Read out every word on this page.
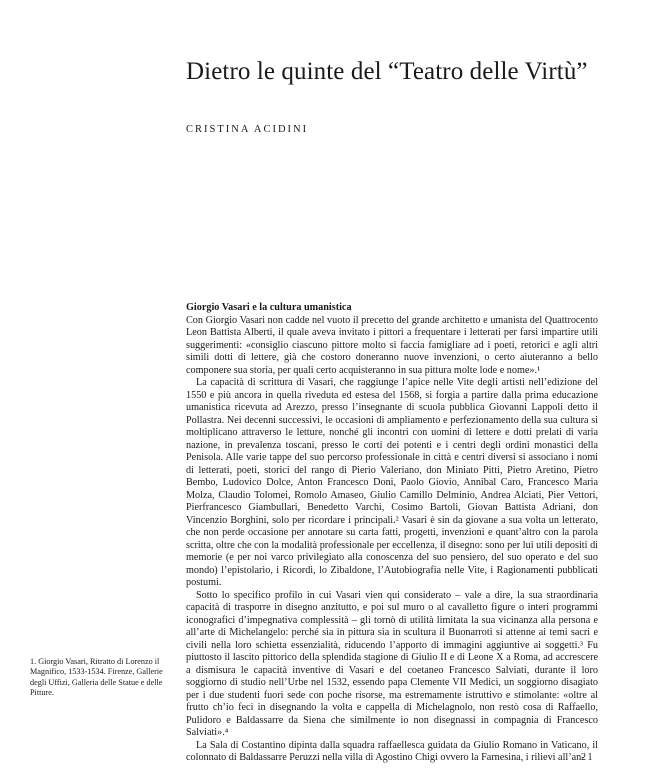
Dietro le quinte del “Teatro delle Virtù”
CRISTINA ACIDINI
Giorgio Vasari e la cultura umanistica

Con Giorgio Vasari non cadde nel vuoto il precetto del grande architetto e umanista del Quattrocento Leon Battista Alberti, il quale aveva invitato i pittori a frequentare i letterati per farsi impartire utili suggerimenti: «consiglio ciascuno pittore molto si faccia famigliare ad i poeti, retorici e agli altri simili dotti di lettere, già che costoro doneranno nuove invenzioni, o certo aiuteranno a bello componere sua storia, per quali certo acquisteranno in sua pittura molte lode e nome».¹

La capacità di scrittura di Vasari, che raggiunge l’apice nelle Vite degli artisti nell’edizione del 1550 e più ancora in quella riveduta ed estesa del 1568, si forgia a partire dalla prima educazione umanistica ricevuta ad Arezzo, presso l’insegnante di scuola pubblica Giovanni Lappoli detto il Pollastra. Nei decenni successivi, le occasioni di ampliamento e perfezionamento della sua cultura si moltiplicano attraverso le letture, nonché gli incontri con uomini di lettere e dotti prelati di varia nazione, in prevalenza toscani, presso le corti dei potenti e i centri degli ordini monastici della Penisola. Alle varie tappe del suo percorso professionale in città e centri diversi si associano i nomi di letterati, poeti, storici del rango di Pierio Valeriano, don Miniato Pitti, Pietro Aretino, Pietro Bembo, Ludovico Dolce, Anton Francesco Doni, Paolo Giovio, Annibal Caro, Francesco Maria Molza, Claudio Tolomei, Romolo Amaseo, Giulio Camillo Delminio, Andrea Alciati, Pier Vettori, Pierfrancesco Giambullari, Benedetto Varchi, Cosimo Bartoli, Giovan Battista Adriani, don Vincenzio Borghini, solo per ricordare i principali.² Vasari è sin da giovane a sua volta un letterato, che non perde occasione per annotare su carta fatti, progetti, invenzioni e quant’altro con la parola scritta, oltre che con la modalità professionale per eccellenza, il disegno: sono per lui utili depositi di memorie (e per noi varco privilegiato alla conoscenza del suo pensiero, del suo operato e del suo mondo) l’epistolario, i Ricordi, lo Zibaldone, l’Autobiografia nelle Vite, i Ragionamenti pubblicati postumi.

Sotto lo specifico profilo in cui Vasari vien qui considerato – vale a dire, la sua straordinaria capacità di trasporre in disegno anzitutto, e poi sul muro o al cavalletto figure o interi programmi iconografici d’impegnativa complessità – gli tornò di utilità limitata la sua vicinanza alla persona e all’arte di Michelangelo: perché sia in pittura sia in scultura il Buonarroti si attenne ai temi sacri e civili nella loro schietta essenzialità, riducendo l’apporto di immagini aggiuntive ai soggetti.³ Fu piuttosto il lascito pittorico della splendida stagione di Giulio II e di Leone X a Roma, ad accrescere a dismisura le capacità inventive di Vasari e del coetaneo Francesco Salviati, durante il loro soggiorno di studio nell’Urbe nel 1532, essendo papa Clemente VII Medici, un soggiorno disagiato per i due studenti fuori sede con poche risorse, ma estremamente istruttivo e stimolante: «oltre al frutto ch’io feci in disegnando la volta e cappella di Michelagnolo, non restò cosa di Raffaello, Pulidoro e Baldassarre da Siena che similmente io non disegnassi in compagnia di Francesco Salviati».⁴

La Sala di Costantino dipinta dalla squadra raffaellesca guidata da Giulio Romano in Vaticano, il colonnato di Baldassarre Peruzzi nella villa di Agostino Chigi ovvero la Farnesina, i rilievi all’an-

1. Giorgio Vasari, Ritratto di Lorenzo il Magnifico, 1533-1534. Firenze, Gallerie degli Uffizi, Galleria delle Statue e delle Pitture.
21
